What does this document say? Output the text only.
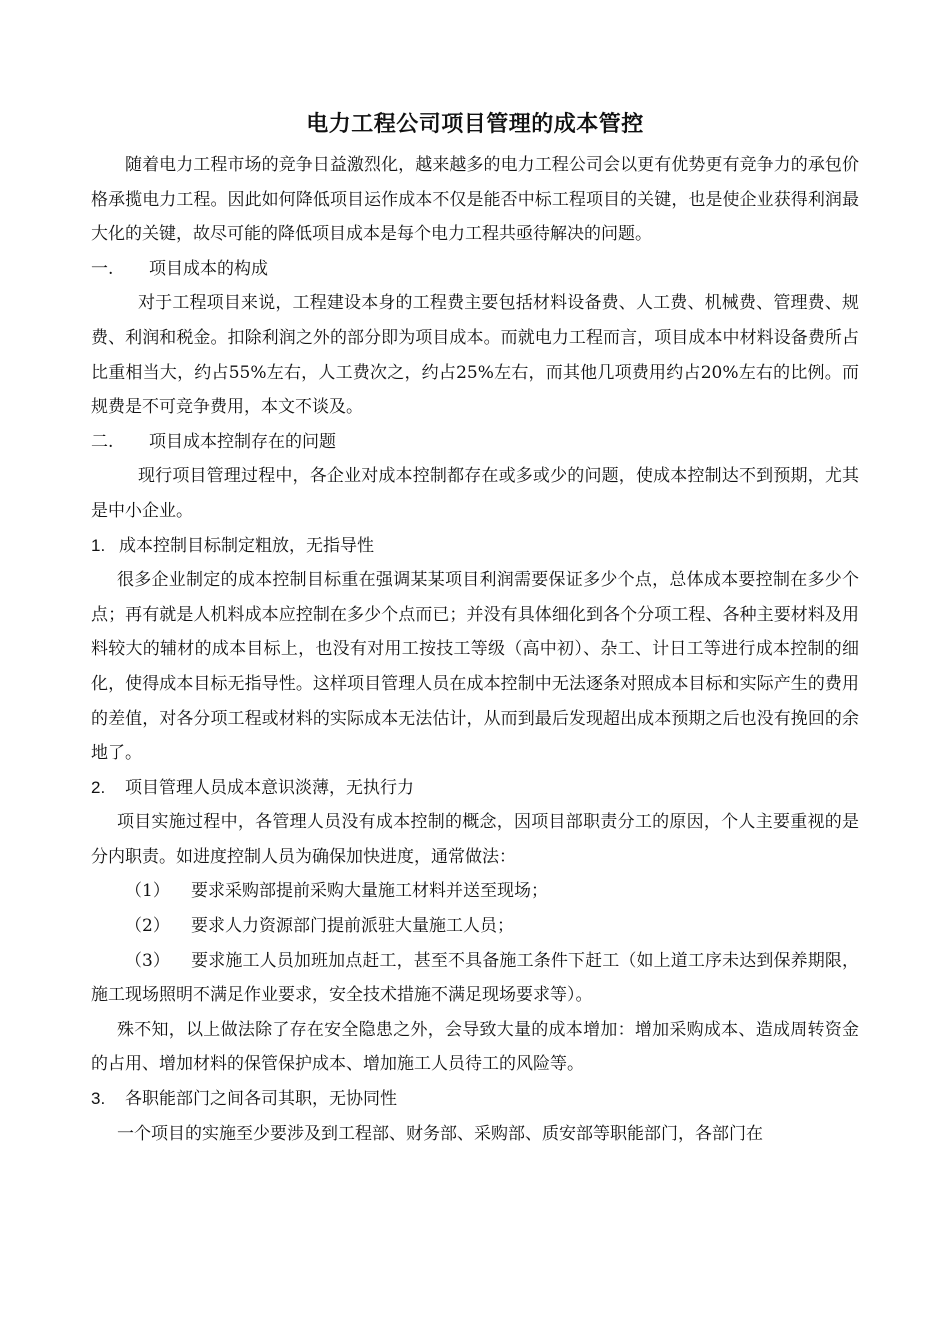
电力工程公司项目管理的成本管控

随着电力工程市场的竞争日益激烈化，越来越多的电力工程公司会以更有优势更有竞争力的承包价格承揽电力工程。因此如何降低项目运作成本不仅是能否中标工程项目的关键，也是使企业获得利润最大化的关键，故尽可能的降低项目成本是每个电力工程共亟待解决的问题。

一.	项目成本的构成

对于工程项目来说，工程建设本身的工程费主要包括材料设备费、人工费、机械费、管理费、规费、利润和税金。扣除利润之外的部分即为项目成本。而就电力工程而言，项目成本中材料设备费所占比重相当大，约占55%左右，人工费次之，约占25%左右，而其他几项费用约占20%左右的比例。而规费是不可竞争费用，本文不谈及。

二.	项目成本控制存在的问题

现行项目管理过程中，各企业对成本控制都存在或多或少的问题，使成本控制达不到预期，尤其是中小企业。

1. 成本控制目标制定粗放，无指导性

很多企业制定的成本控制目标重在强调某某项目利润需要保证多少个点，总体成本要控制在多少个点；再有就是人机料成本应控制在多少个点而已；并没有具体细化到各个分项工程、各种主要材料及用料较大的辅材的成本目标上，也没有对用工按技工等级（高中初）、杂工、计日工等进行成本控制的细化，使得成本目标无指导性。这样项目管理人员在成本控制中无法逐条对照成本目标和实际产生的费用的差值，对各分项工程或材料的实际成本无法估计，从而到最后发现超出成本预期之后也没有挽回的余地了。

2.	项目管理人员成本意识淡薄，无执行力

项目实施过程中，各管理人员没有成本控制的概念，因项目部职责分工的原因，个人主要重视的是分内职责。如进度控制人员为确保加快进度，通常做法：

（1） 要求采购部提前采购大量施工材料并送至现场；
（2） 要求人力资源部门提前派驻大量施工人员；
（3） 要求施工人员加班加点赶工，甚至不具备施工条件下赶工（如上道工序未达到保养期限，施工现场照明不满足作业要求，安全技术措施不满足现场要求等）。

殊不知，以上做法除了存在安全隐患之外，会导致大量的成本增加：增加采购成本、造成周转资金的占用、增加材料的保管保护成本、增加施工人员待工的风险等。

3.	各职能部门之间各司其职，无协同性

一个项目的实施至少要涉及到工程部、财务部、采购部、质安部等职能部门，各部门在
